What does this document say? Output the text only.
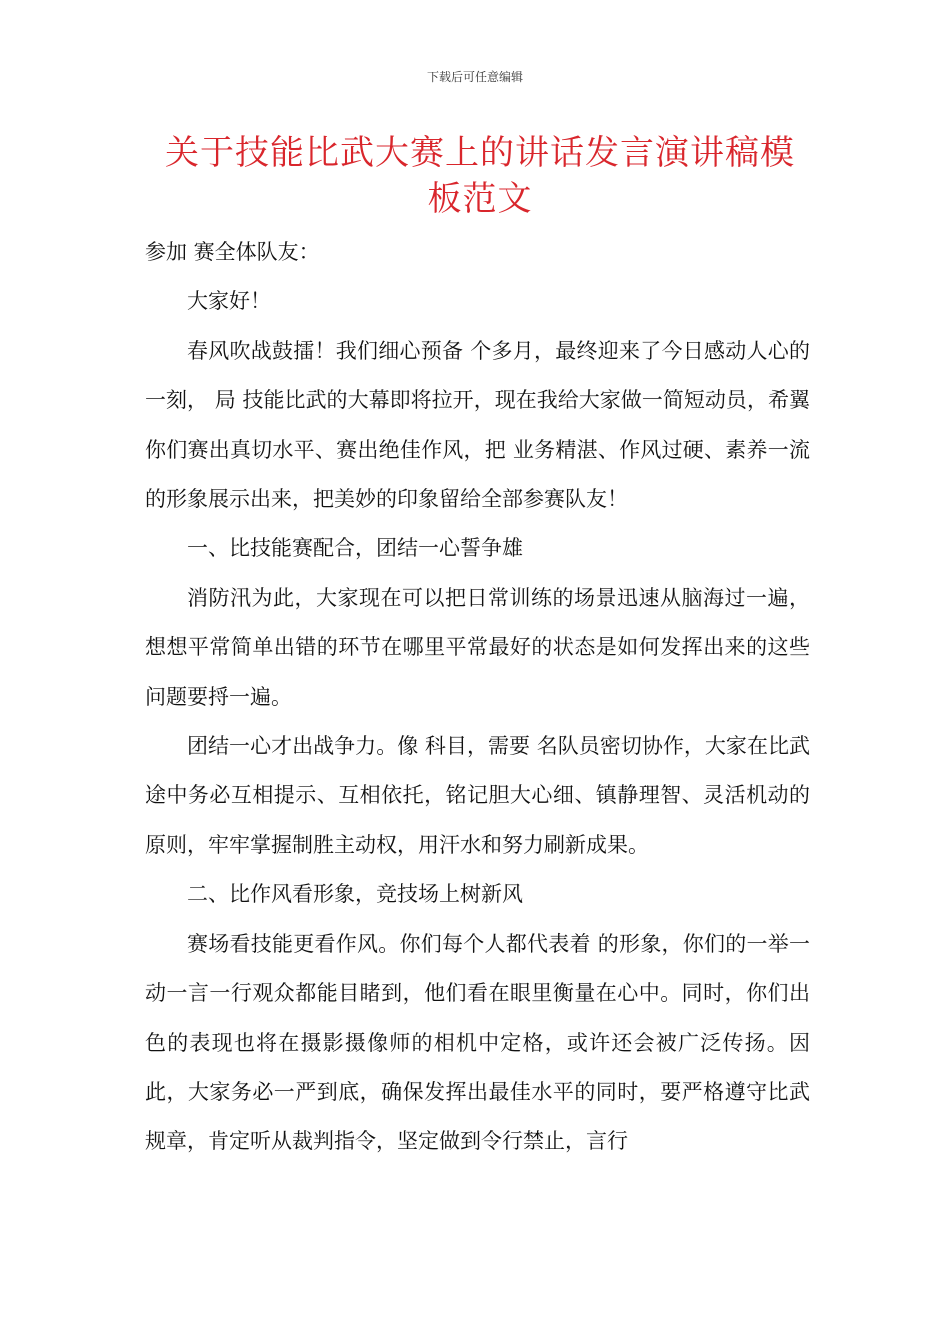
下载后可任意编辑
关于技能比武大赛上的讲话发言演讲稿模板范文

参加 赛全体队友：

大家好！

春风吹战鼓擂！我们细心预备 个多月，最终迎来了今日感动人心的一刻， 局 技能比武的大幕即将拉开，现在我给大家做一简短动员，希翼你们赛出真切水平、赛出绝佳作风，把 业务精湛、作风过硬、素养一流 的形象展示出来，把美妙的印象留给全部参赛队友！

一、比技能赛配合，团结一心誓争雄

消防汛为此，大家现在可以把日常训练的场景迅速从脑海过一遍，想想平常简单出错的环节在哪里平常最好的状态是如何发挥出来的这些问题要捋一遍。

团结一心才出战争力。像 科目，需要 名队员密切协作，大家在比武途中务必互相提示、互相依托，铭记胆大心细、镇静理智、灵活机动的原则，牢牢掌握制胜主动权，用汗水和努力刷新成果。

二、比作风看形象，竞技场上树新风

赛场看技能更看作风。你们每个人都代表着 的形象，你们的一举一动一言一行观众都能目睹到，他们看在眼里衡量在心中。同时，你们出色的表现也将在摄影摄像师的相机中定格，或许还会被广泛传扬。因此，大家务必一严到底，确保发挥出最佳水平的同时，要严格遵守比武规章，肯定听从裁判指令，坚定做到令行禁止，言行
